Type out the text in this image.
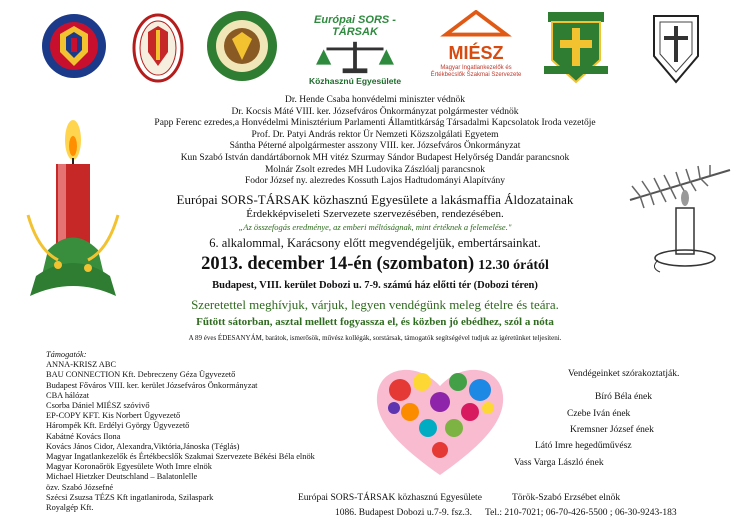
Európai SORS - TÁRSAK
Közhasznú Egyesülete
MIÉSZ
Magyar Ingatlankezelők és Értékbecslők Szakmai Szervezete
Dr. Hende Csaba honvédelmi miniszter védnök
Dr. Kocsis Máté VIII. ker. Józsefváros Önkormányzat polgármester védnök
Papp Ferenc ezredes,a Honvédelmi Minisztérium Parlamenti Államtitkárság Társadalmi Kapcsolatok Iroda vezetője
Prof. Dr. Patyi András rektor Ür Nemzeti Közszolgálati Egyetem
Sántha Péterné alpolgármester asszony VIII. ker. Józsefváros Önkormányzat
Kun Szabó István dandártábornok MH vitéz Szurmay Sándor Budapest Helyőrség Dandár parancsnok
Molnár Zsolt ezredes MH Ludovika Zászlóalj parancsnok
Fodor József ny. alezredes Kossuth Lajos Hadtudományi Alapítvány
Európai SORS-TÁRSAK közhasznú Egyesülete a lakásmaffia Áldozatainak
Érdekképviseleti Szervezete szervezésében, rendezésében.
„Az összefogás eredménye, az emberi méltóságnak, mint értéknek a felemelése."
6. alkalommal, Karácsony előtt megvendégeljük, embertársainkat.
2013. december 14-én (szombaton) 12.30 órától
Budapest, VIII. kerület Dobozi u. 7-9. számú ház előtti tér (Dobozi téren)
Szeretettel meghívjuk, várjuk, legyen vendégünk meleg ételre és teára.
Fűtött sátorban, asztal mellett fogyassza el, és közben jó ebédhez, szól a nóta
A 89 éves ÉDESANYÁM, barátok, ismerősök, művész kollégák, sorstársak, támogatók segítségével tudjuk az ígéretünket teljesíteni.
Támogatók:
ANNA-KRISZ ABC
BAU CONNECTION Kft. Debreczeny Géza Ügyvezető
Budapest Főváros VIII. ker. kerület Józsefváros Önkormányzat
CBA hálózat
Csorba Dániel MIÉSZ szóvivő
EP-COPY KFT. Kis Norbert Ügyvezető
Hárompék Kft. Erdélyi György Ügyvezető
Kabátné Kovács Ilona
Kovács János Cidor, Alexandra,Viktória,Jánoska (Téglás)
Magyar Ingatlankezelők és Értékbecslők Szakmai Szervezete Békési Béla elnök
Magyar Koronaőrök Egyesülete Woth Imre elnök
Michael Hietzker Deutschland – Balatonlelle
özv. Szabó Józsefné
Szécsi Zsuzsa TÉZS Kft ingatlaniroda, Szilaspark
Royalgép Kft.
Vendégeinket szórakoztatják.
Bíró Béla ének
Czebe Iván ének
Kremsner József ének
Látó Imre hegedűművész
Vass Varga László ének
Európai SORS-TÁRSAK közhasznú Egyesülete	Török-Szabó Erzsébet elnök
1086. Budapest Dobozi u.7-9. fsz.3. Tel.: 210-7021; 06-70-426-5500 ; 06-30-9243-183
